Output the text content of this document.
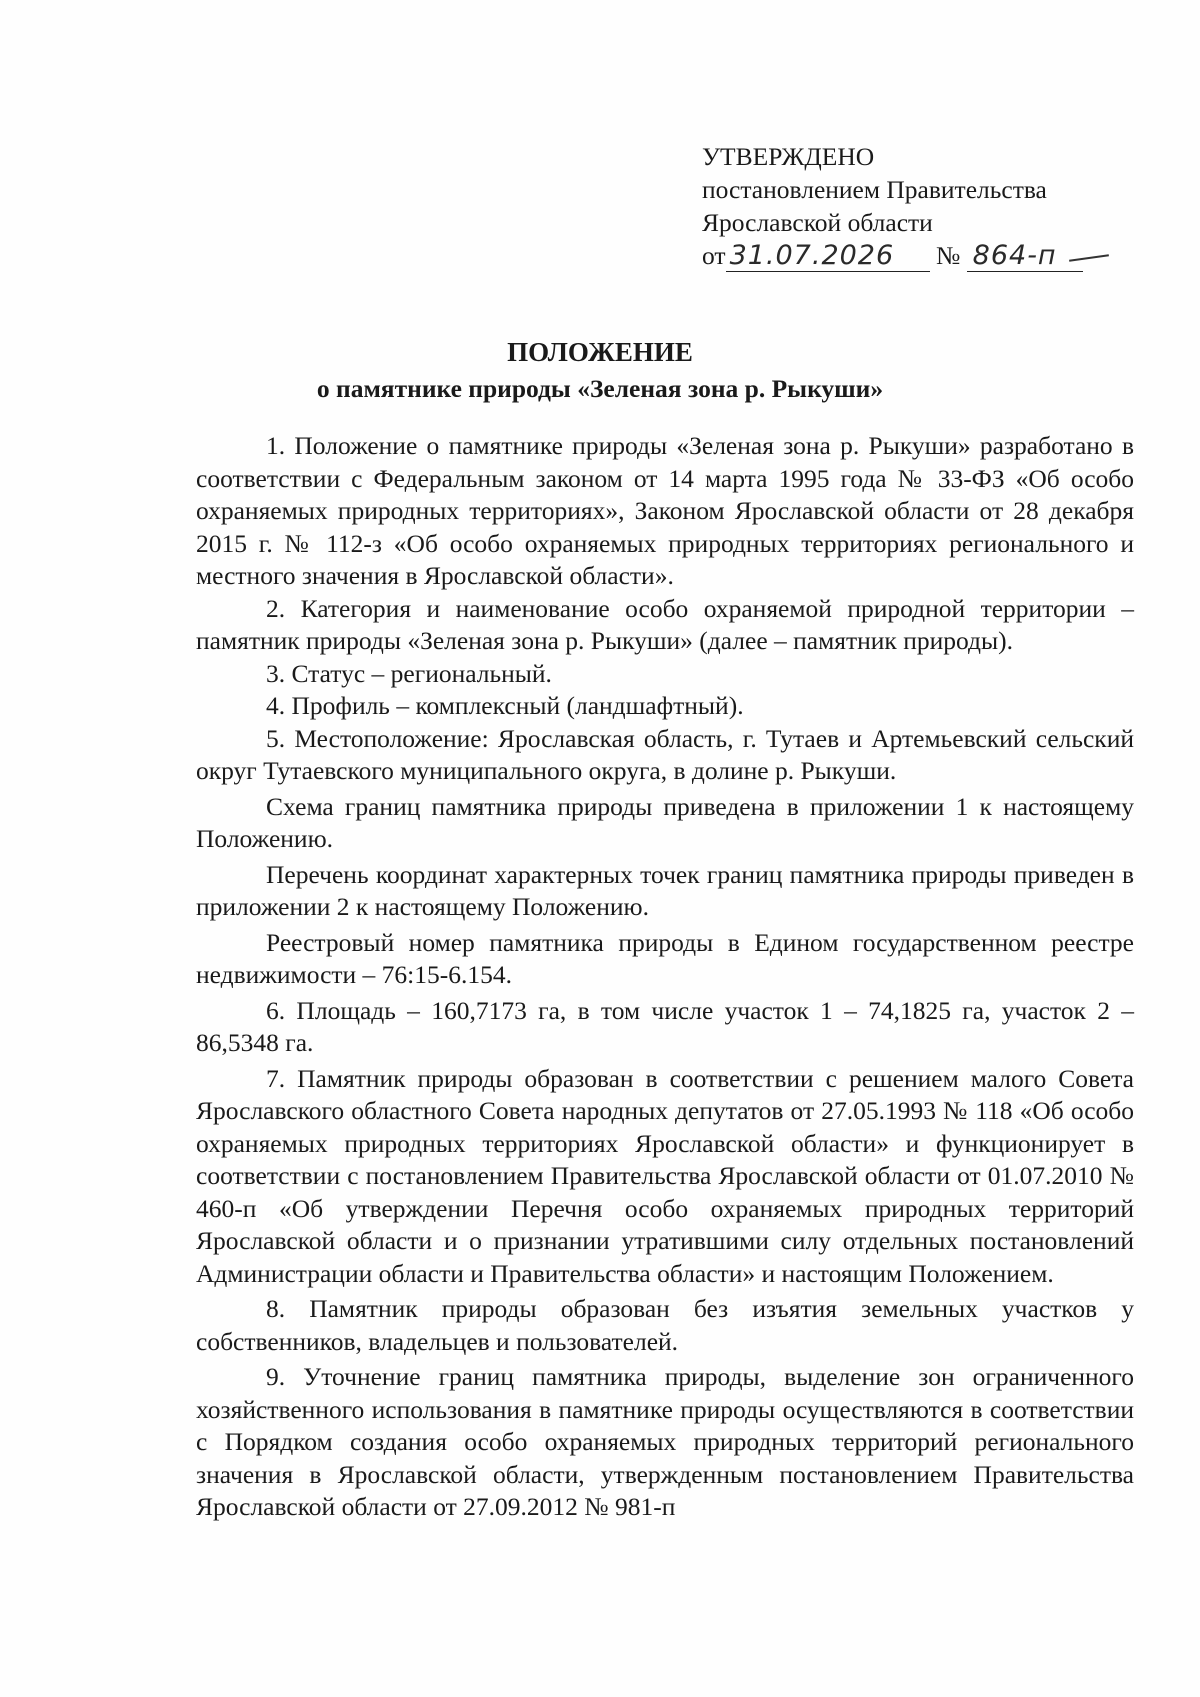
УТВЕРЖДЕНО
постановлением Правительства
Ярославской области
от 31.07.2026 № 864-п
ПОЛОЖЕНИЕ
о памятнике природы «Зеленая зона р. Рыкуши»

1. Положение о памятнике природы «Зеленая зона р. Рыкуши» разработано в соответствии с Федеральным законом от 14 марта 1995 года № 33-ФЗ «Об особо охраняемых природных территориях», Законом Ярославской области от 28 декабря 2015 г. № 112-з «Об особо охраняемых природных территориях регионального и местного значения в Ярославской области».

2. Категория и наименование особо охраняемой природной территории – памятник природы «Зеленая зона р. Рыкуши» (далее – памятник природы).

3. Статус – региональный.

4. Профиль – комплексный (ландшафтный).

5. Местоположение: Ярославская область, г. Тутаев и Артемьевский сельский округ Тутаевского муниципального округа, в долине р. Рыкуши.

Схема границ памятника природы приведена в приложении 1 к настоящему Положению.

Перечень координат характерных точек границ памятника природы приведен в приложении 2 к настоящему Положению.

Реестровый номер памятника природы в Едином государственном реестре недвижимости – 76:15-6.154.

6. Площадь – 160,7173 га, в том числе участок 1 – 74,1825 га, участок 2 – 86,5348 га.

7. Памятник природы образован в соответствии с решением малого Совета Ярославского областного Совета народных депутатов от 27.05.1993 № 118 «Об особо охраняемых природных территориях Ярославской области» и функционирует в соответствии с постановлением Правительства Ярославской области от 01.07.2010 № 460-п «Об утверждении Перечня особо охраняемых природных территорий Ярославской области и о признании утратившими силу отдельных постановлений Администрации области и Правительства области» и настоящим Положением.

8. Памятник природы образован без изъятия земельных участков у собственников, владельцев и пользователей.

9. Уточнение границ памятника природы, выделение зон ограниченного хозяйственного использования в памятнике природы осуществляются в соответствии с Порядком создания особо охраняемых природных территорий регионального значения в Ярославской области, утвержденным постановлением Правительства Ярославской области от 27.09.2012 № 981-п
